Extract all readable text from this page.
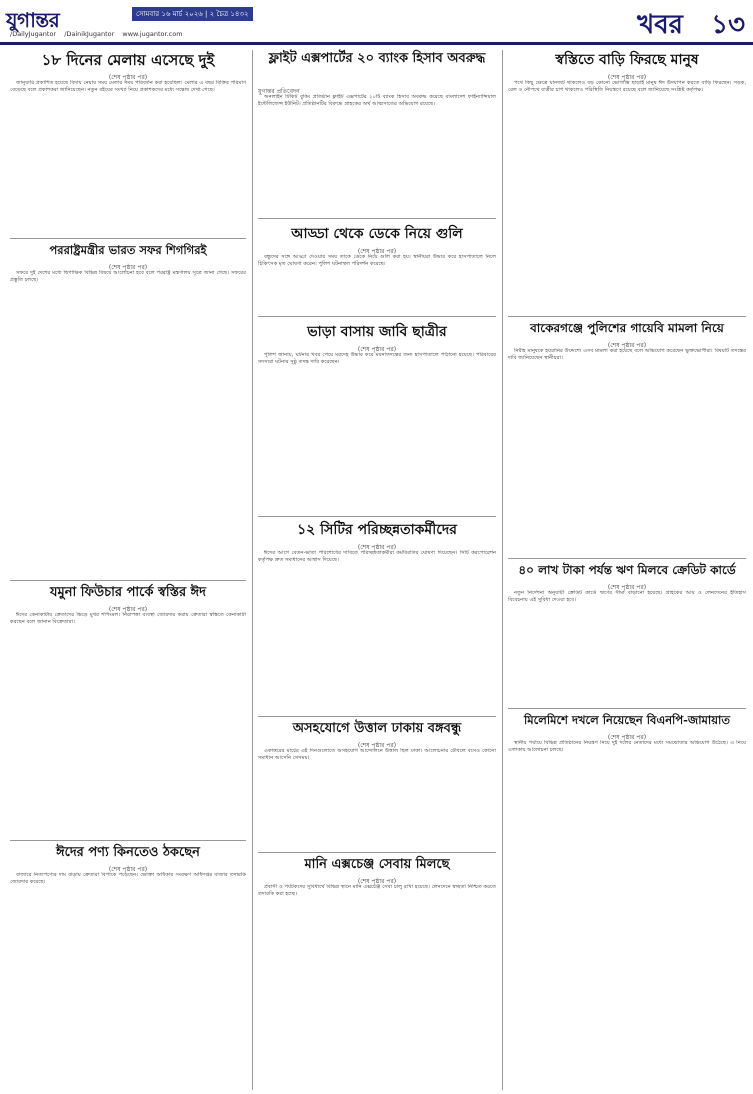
যুগান্তর	সোমবার ১৬ মার্চ ২০২৬ | ২ চৈত্র ১৪৩২
/DailyJugantor /DainikJugantor www.jugantor.com	খবর ১৩
১৮ দিনের মেলায় এসেছে দুই
(শেষ পৃষ্ঠার পর)

জানুয়ারি প্রকাশিত হয়েছে বিদায় নেয়ার সময় মেলার সময় পরিবর্তন করা হয়েছিল। মেলার এ বছর বিক্রির পরিমাণ বেড়েছে বলে প্রকাশকরা জানিয়েছেন। নতুন বইয়ের সংখ্যা নিয়ে প্রকাশকদের মধ্যে সন্তোষ দেখা গেছে।

ফ্লাইট এক্সপার্টের ২০ ব্যাংক হিসাব অবরুদ্ধ
যুগান্তর প্রতিবেদন

অনলাইন টিকিট বুকিং প্রতিষ্ঠান ফ্লাইট এক্সপার্টের ২০টি ব্যাংক হিসাব অবরুদ্ধ করেছে বাংলাদেশ ফাইন্যান্সিয়াল ইন্টেলিজেন্স ইউনিট। প্রতিষ্ঠানটির বিরুদ্ধে গ্রাহকের অর্থ আত্মসাতের অভিযোগ রয়েছে।

স্বস্তিতে বাড়ি ফিরছে মানুষ
(শেষ পৃষ্ঠার পর)

পথে কিছু ক্ষেত্রে যানজট থাকলেও বড় কোনো ভোগান্তি ছাড়াই মানুষ ঈদ উদযাপন করতে বাড়ি ফিরছেন। সড়ক, রেল ও নৌপথে যাত্রীর চাপ থাকলেও পরিস্থিতি নিয়ন্ত্রণে রয়েছে বলে জানিয়েছে সংশ্লিষ্ট কর্তৃপক্ষ।

আড্ডা থেকে ডেকে নিয়ে গুলি
(শেষ পৃষ্ঠার পর)

বন্ধুদের সঙ্গে আড্ডা দেওয়ার সময় তাকে ডেকে নিয়ে গুলি করা হয়। স্থানীয়রা উদ্ধার করে হাসপাতালে নিলে চিকিৎসক মৃত ঘোষণা করেন। পুলিশ ঘটনাস্থল পরিদর্শন করেছে।

পররাষ্ট্রমন্ত্রীর ভারত সফর শিগগিরই
(শেষ পৃষ্ঠার পর)

সফরে দুই দেশের মধ্যে দ্বিপাক্ষিক বিভিন্ন বিষয়ে আলোচনা হবে বলে পররাষ্ট্র মন্ত্রণালয় সূত্রে জানা গেছে। সফরের প্রস্তুতি চলছে।

ভাড়া বাসায় জাবি ছাত্রীর
(শেষ পৃষ্ঠার পর)

পুলিশ জানায়, ঘটনার খবর পেয়ে মরদেহ উদ্ধার করে ময়নাতদন্তের জন্য হাসপাতালে পাঠানো হয়েছে। পরিবারের সদস্যরা ঘটনার সুষ্ঠু তদন্ত দাবি করেছেন।

বাকেরগঞ্জে পুলিশের গায়েবি মামলা নিয়ে
(শেষ পৃষ্ঠার পর)

নিরীহ মানুষকে হয়রানির উদ্দেশ্যে এসব মামলা করা হয়েছে বলে অভিযোগ করেছেন ভুক্তভোগীরা। বিষয়টি তদন্তের দাবি জানিয়েছেন স্থানীয়রা।

১২ সিটির পরিচ্ছন্নতাকর্মীদের
(শেষ পৃষ্ঠার পর)

ঈদের আগে বেতন-ভাতা পরিশোধের দাবিতে পরিচ্ছন্নতাকর্মীরা কর্মবিরতির ঘোষণা দিয়েছেন। সিটি করপোরেশন কর্তৃপক্ষ দ্রুত সমাধানের আশ্বাস দিয়েছে।

যমুনা ফিউচার পার্কে স্বস্তির ঈদ
(শেষ পৃষ্ঠার পর)

ঈদের কেনাকাটায় ক্রেতাদের ভিড়ে মুখর শপিংমল। নিরাপত্তা ব্যবস্থা জোরদার করায় ক্রেতারা স্বস্তিতে কেনাকাটা করছেন বলে জানান বিক্রেতারা।

৪০ লাখ টাকা পর্যন্ত ঋণ মিলবে ক্রেডিট কার্ডে
(শেষ পৃষ্ঠার পর)

নতুন নির্দেশনা অনুযায়ী ক্রেডিট কার্ডে ঋণের সীমা বাড়ানো হয়েছে। গ্রাহকের আয় ও লেনদেনের ইতিহাস বিবেচনায় এই সুবিধা দেওয়া হবে।

অসহযোগে উত্তাল ঢাকায় বঙ্গবন্ধু
(শেষ পৃষ্ঠার পর)

একাত্তরের মার্চের এই দিনগুলোতে অসহযোগ আন্দোলনে উত্তাল ছিল ঢাকা। আলোচনার টেবিলে বসেও কোনো সমাধান আসেনি সেসময়।

মিলেমিশে দখলে নিয়েছেন বিএনপি-জামায়াত
(শেষ পৃষ্ঠার পর)

স্থানীয় পর্যায়ে বিভিন্ন প্রতিষ্ঠানের নিয়ন্ত্রণ নিয়ে দুই দলের নেতাদের মধ্যে সমঝোতার অভিযোগ উঠেছে। এ নিয়ে এলাকায় আলোচনা চলছে।

মানি এক্সচেঞ্জ সেবায় মিলছে
(শেষ পৃষ্ঠার পর)

প্রবাসী ও পর্যটকদের সুবিধার্থে বিভিন্ন স্থানে মানি এক্সচেঞ্জ সেবা চালু রাখা হয়েছে। লেনদেনে স্বচ্ছতা নিশ্চিত করতে তদারকি করা হচ্ছে।

ঈদের পণ্য কিনতেও ঠকছেন
(শেষ পৃষ্ঠার পর)

বাজারে নিত্যপণ্যের দাম বাড়ায় ক্রেতারা বিপাকে পড়েছেন। ভোক্তা অধিকার সংরক্ষণ অধিদপ্তর বাজার তদারকি জোরদার করেছে।
